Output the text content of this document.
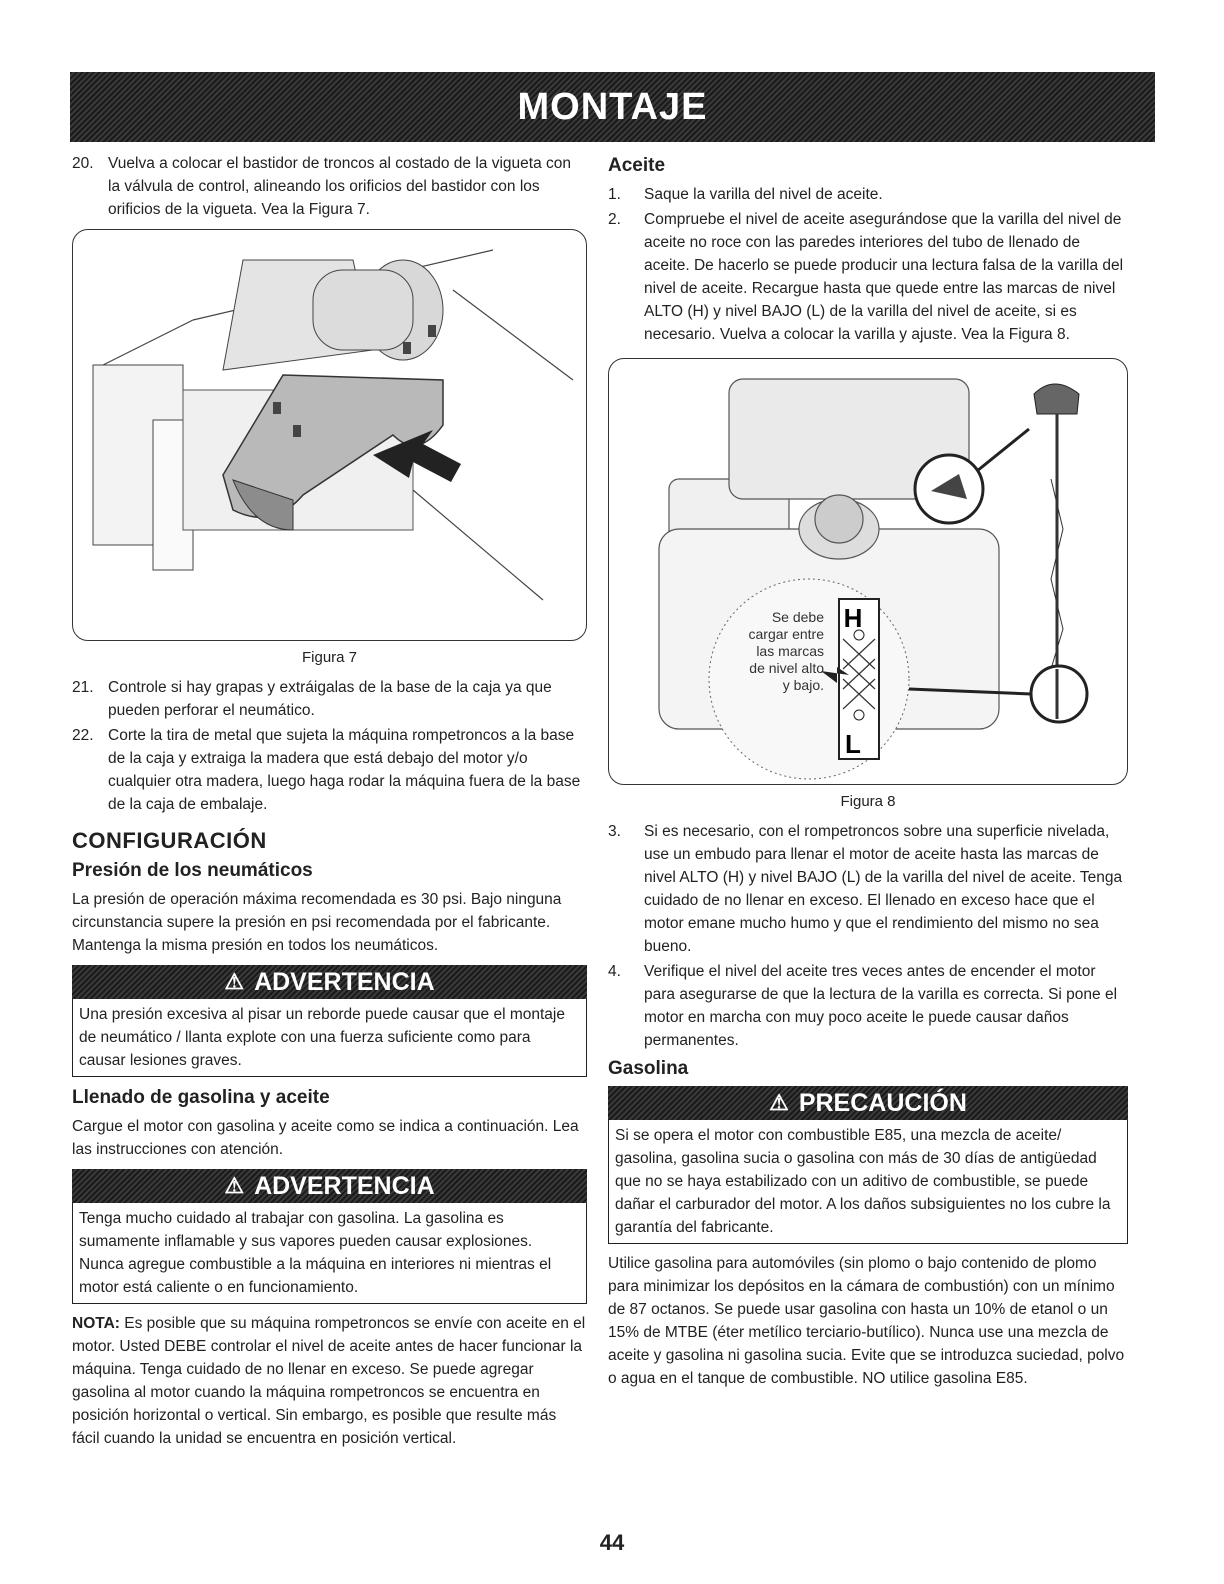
MONTAJE
20. Vuelva a colocar el bastidor de troncos al costado de la vigueta con la válvula de control, alineando los orificios del bastidor con los orificios de la vigueta. Vea la Figura 7.
Figura 7
21. Controle si hay grapas y extráigalas de la base de la caja ya que pueden perforar el neumático.
22. Corte la tira de metal que sujeta la máquina rompetroncos a la base de la caja y extraiga la madera que está debajo del motor y/o cualquier otra madera, luego haga rodar la máquina fuera de la base de la caja de embalaje.
CONFIGURACIÓN
Presión de los neumáticos
La presión de operación máxima recomendada es 30 psi. Bajo ninguna circunstancia supere la presión en psi recomendada por el fabricante. Mantenga la misma presión en todos los neumáticos.
⚠ ADVERTENCIA
Una presión excesiva al pisar un reborde puede causar que el montaje de neumático / llanta explote con una fuerza suficiente como para causar lesiones graves.
Llenado de gasolina y aceite
Cargue el motor con gasolina y aceite como se indica a continuación. Lea las instrucciones con atención.
⚠ ADVERTENCIA
Tenga mucho cuidado al trabajar con gasolina. La gasolina es sumamente inflamable y sus vapores pueden causar explosiones. Nunca agregue combustible a la máquina en interiores ni mientras el motor está caliente o en funcionamiento.
NOTA: Es posible que su máquina rompetroncos se envíe con aceite en el motor. Usted DEBE controlar el nivel de aceite antes de hacer funcionar la máquina. Tenga cuidado de no llenar en exceso. Se puede agregar gasolina al motor cuando la máquina rompetroncos se encuentra en posición horizontal o vertical. Sin embargo, es posible que resulte más fácil cuando la unidad se encuentra en posición vertical.
Aceite
1.	Saque la varilla del nivel de aceite.
2.	Compruebe el nivel de aceite asegurándose que la varilla del nivel de aceite no roce con las paredes interiores del tubo de llenado de aceite. De hacerlo se puede producir una lectura falsa de la varilla del nivel de aceite. Recargue hasta que quede entre las marcas de nivel ALTO (H) y nivel BAJO (L) de la varilla del nivel de aceite, si es necesario. Vuelva a colocar la varilla y ajuste. Vea la Figura 8.
H
L
Se debe
cargar entre
las marcas
de nivel alto
y bajo.
Figura 8
3.	Si es necesario, con el rompetroncos sobre una superficie nivelada, use un embudo para llenar el motor de aceite hasta las marcas de nivel ALTO (H) y nivel BAJO (L) de la varilla del nivel de aceite. Tenga cuidado de no llenar en exceso. El llenado en exceso hace que el motor emane mucho humo y que el rendimiento del mismo no sea bueno.
4.	Verifique el nivel del aceite tres veces antes de encender el motor para asegurarse de que la lectura de la varilla es correcta. Si pone el motor en marcha con muy poco aceite le puede causar daños permanentes.
Gasolina
⚠ PRECAUCIÓN
Si se opera el motor con combustible E85, una mezcla de aceite/ gasolina, gasolina sucia o gasolina con más de 30 días de antigüedad que no se haya estabilizado con un aditivo de combustible, se puede dañar el carburador del motor. A los daños subsiguientes no los cubre la garantía del fabricante.
Utilice gasolina para automóviles (sin plomo o bajo contenido de plomo para minimizar los depósitos en la cámara de combustión) con un mínimo de 87 octanos. Se puede usar gasolina con hasta un 10% de etanol o un 15% de MTBE (éter metílico terciario-butílico). Nunca use una mezcla de aceite y gasolina ni gasolina sucia. Evite que se introduzca suciedad, polvo o agua en el tanque de combustible. NO utilice gasolina E85.
44
